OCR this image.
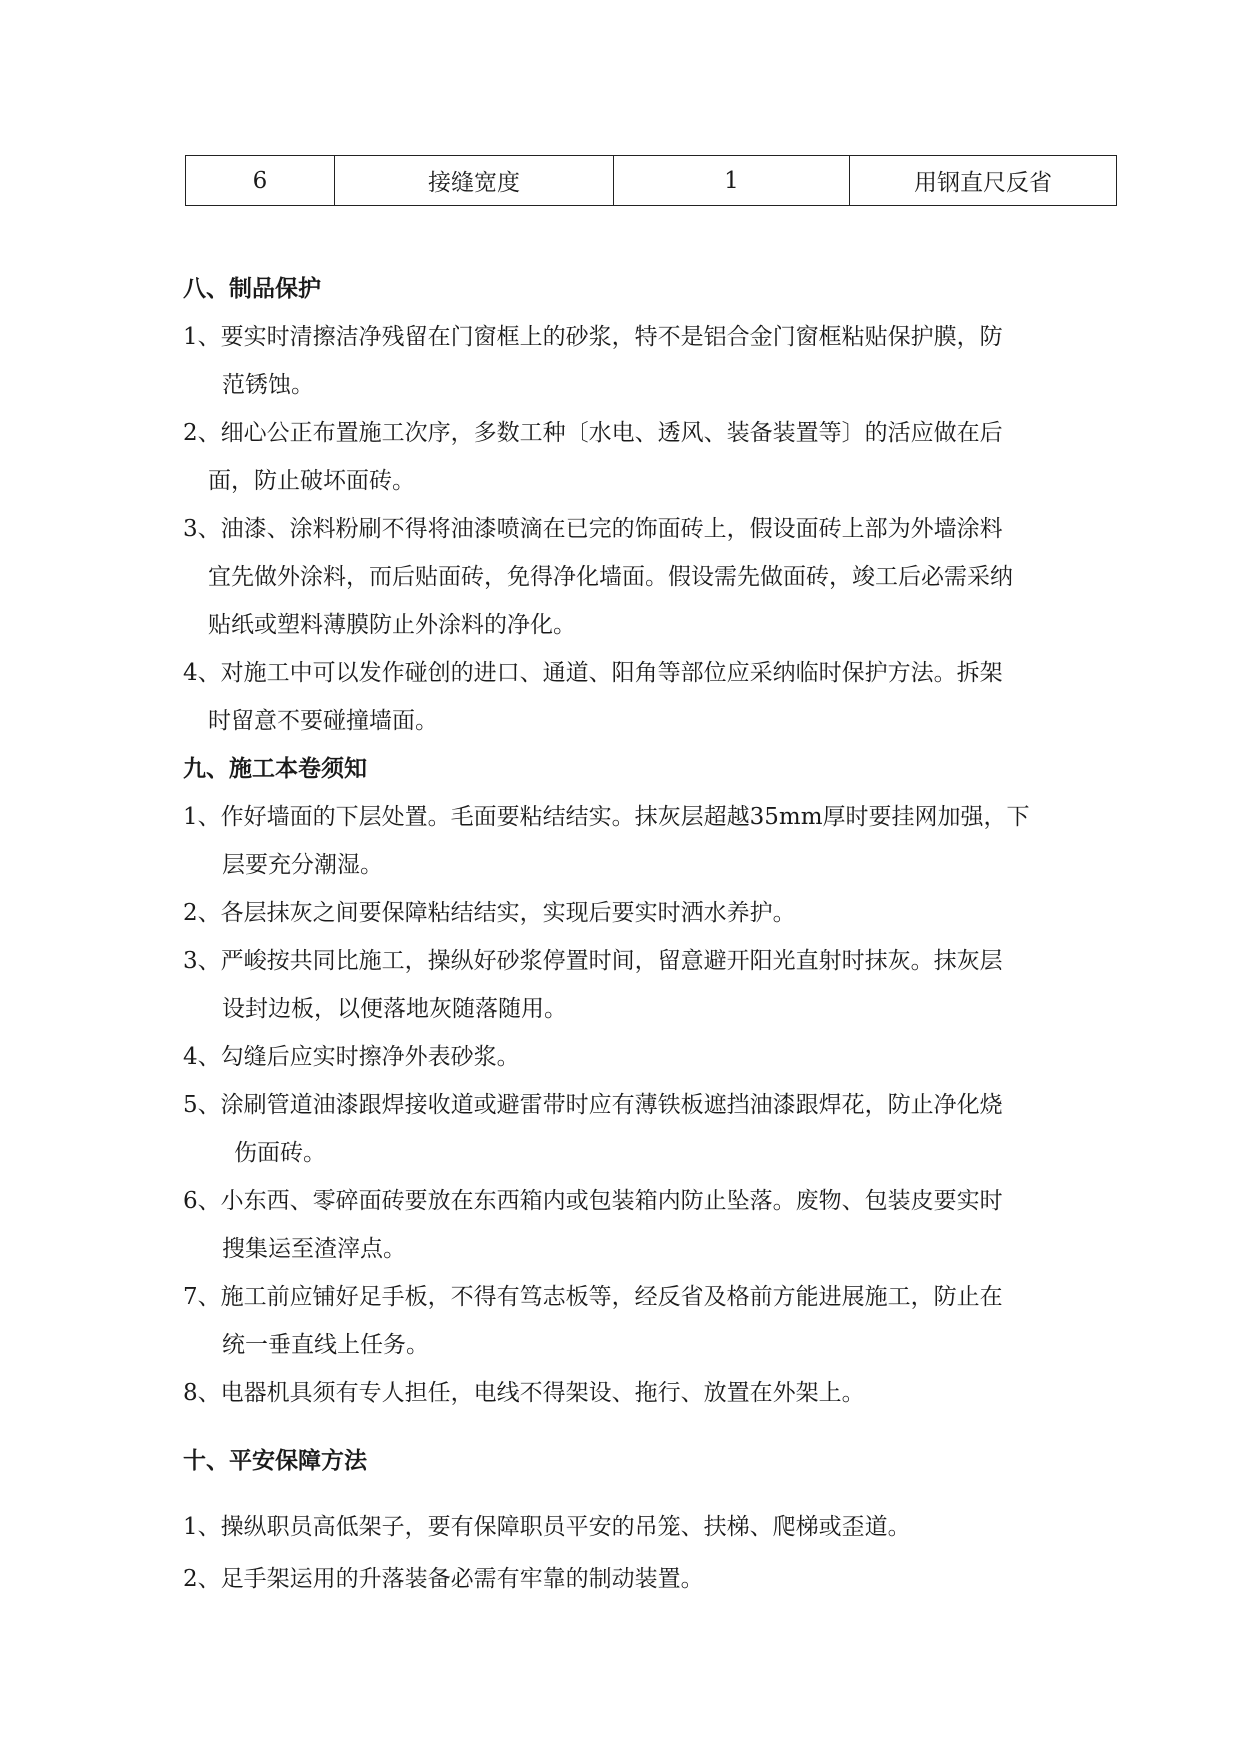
6	接缝宽度	1	用钢直尺反省
八、制品保护
1、要实时清擦洁净残留在门窗框上的砂浆，特不是铝合金门窗框粘贴保护膜，防
范锈蚀。
2、细心公正布置施工次序，多数工种〔水电、透风、装备装置等〕的活应做在后
面，防止破坏面砖。
3、油漆、涂料粉刷不得将油漆喷滴在已完的饰面砖上，假设面砖上部为外墙涂料
宜先做外涂料，而后贴面砖，免得净化墙面。假设需先做面砖，竣工后必需采纳
贴纸或塑料薄膜防止外涂料的净化。
4、对施工中可以发作碰创的进口、通道、阳角等部位应采纳临时保护方法。拆架
时留意不要碰撞墙面。
九、施工本卷须知
1、作好墙面的下层处置。毛面要粘结结实。抹灰层超越35mm厚时要挂网加强，下
层要充分潮湿。
2、各层抹灰之间要保障粘结结实，实现后要实时洒水养护。
3、严峻按共同比施工，操纵好砂浆停置时间，留意避开阳光直射时抹灰。抹灰层
设封边板，以便落地灰随落随用。
4、勾缝后应实时擦净外表砂浆。
5、涂刷管道油漆跟焊接收道或避雷带时应有薄铁板遮挡油漆跟焊花，防止净化烧
伤面砖。
6、小东西、零碎面砖要放在东西箱内或包装箱内防止坠落。废物、包装皮要实时
搜集运至渣滓点。
7、施工前应铺好足手板，不得有笃志板等，经反省及格前方能进展施工，防止在
统一垂直线上任务。
8、电器机具须有专人担任，电线不得架设、拖行、放置在外架上。
十、平安保障方法
1、操纵职员高低架子，要有保障职员平安的吊笼、扶梯、爬梯或歪道。
2、足手架运用的升落装备必需有牢靠的制动装置。
